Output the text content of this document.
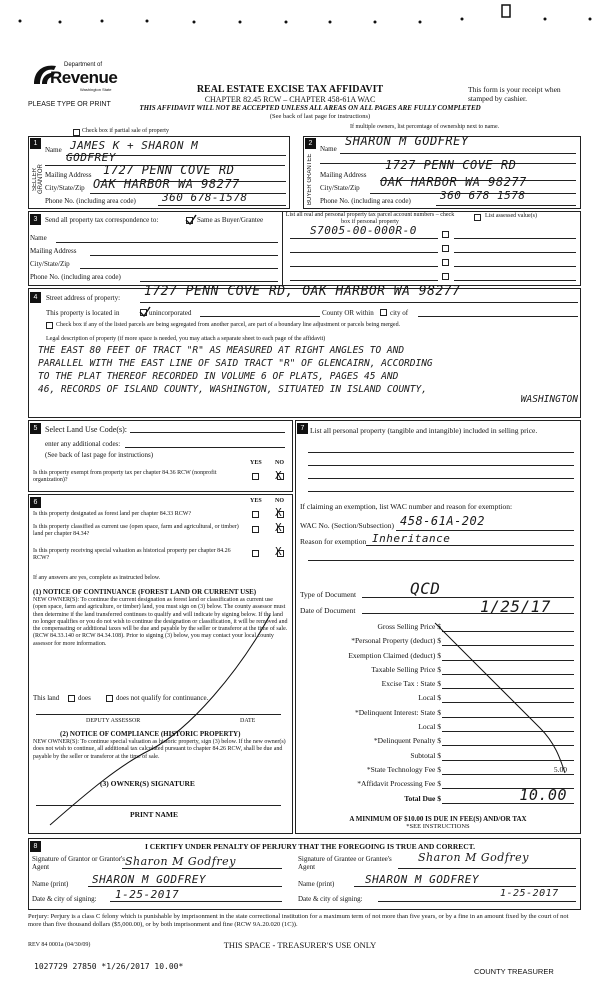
Department of
Revenue
Washington State
PLEASE TYPE OR PRINT
REAL ESTATE EXCISE TAX AFFIDAVIT
CHAPTER 82.45 RCW – CHAPTER 458-61A WAC
THIS AFFIDAVIT WILL NOT BE ACCEPTED UNLESS ALL AREAS ON ALL PAGES ARE FULLY COMPLETED
(See back of last page for instructions)
This form is your receipt when stamped by cashier.
Check box if partial sale of property
If multiple owners, list percentage of ownership next to name.
1
SELLER GRANTOR
Name JAMES K + SHARON M
GODFREY
Mailing Address 1727 PENN COVE RD
City/State/Zip OAK HARBOR WA 98277
Phone No. (including area code) 360 678-1578
2
BUYER GRANTEE
Name
SHARON M GODFREY
Mailing Address
1727 PENN COVE RD
City/State/Zip OAK HARBOR WA 98277
Phone No. (including area code)	360 678 1578
3	Send all property tax correspondence to:	Same as Buyer/Grantee
Name
Mailing Address
City/State/Zip
Phone No. (including area code)
List all real and personal property tax parcel account numbers – check box if personal property
List assessed value(s)
S7005-00-000R-0
4	Street address of property: 1727 PENN COVE RD, OAK HARBOR WA 98277
This property is located in	unincorporated	County OR within city of
Check box if any of the listed parcels are being segregated from another parcel, are part of a boundary line adjustment or parcels being merged.
Legal description of property (if more space is needed, you may attach a separate sheet to each page of the affidavit)
THE EAST 80 FEET OF TRACT "R" AS MEASURED AT RIGHT ANGLES TO AND
PARALLEL WITH THE EAST LINE OF SAID TRACT "R" OF GLENCAIRN, ACCORDING
TO THE PLAT THEREOF RECORDED IN VOLUME 6 OF PLATS, PAGES 45 AND
46, RECORDS OF ISLAND COUNTY, WASHINGTON, SITUATED IN ISLAND COUNTY,
WASHINGTON
5 Select Land Use Code(s):
enter any additional codes:
(See back of last page for instructions)
YES NO
Is this property exempt from property tax per chapter 84.36 RCW (nonprofit organization)?	X
6	YES NO
Is this property designated as forest land per chapter 84.33 RCW?	X
Is this property classified as current use (open space, farm and agricultural, or timber) land per chapter 84.34?	X
Is this property receiving special valuation as historical property per chapter 84.26 RCW?	X
If any answers are yes, complete as instructed below.
(1) NOTICE OF CONTINUANCE (FOREST LAND OR CURRENT USE)
NEW OWNER(S): To continue the current designation as forest land or classification as current use (open space, farm and agriculture, or timber) land, you must sign on (3) below. The county assessor must then determine if the land transferred continues to qualify and will indicate by signing below. If the land no longer qualifies or you do not wish to continue the designation or classification, it will be removed and the compensating or additional taxes will be due and payable by the seller or transferor at the time of sale. (RCW 84.33.140 or RCW 84.34.108). Prior to signing (3) below, you may contact your local county assessor for more information.
This land	does	does not qualify for continuance.
DEPUTY ASSESSOR	DATE
(2) NOTICE OF COMPLIANCE (HISTORIC PROPERTY)
NEW OWNER(S): To continue special valuation as historic property, sign (3) below. If the new owner(s) does not wish to continue, all additional tax calculated pursuant to chapter 84.26 RCW, shall be due and payable by the seller or transferor at the time of sale.
(3) OWNER(S) SIGNATURE
PRINT NAME
7 List all personal property (tangible and intangible) included in selling price.
If claiming an exemption, list WAC number and reason for exemption:
WAC No. (Section/Subsection) 458-61A-202
Reason for exemption Inheritance
Type of Document	QCD
Date of Document	1/25/17
Gross Selling Price $
*Personal Property (deduct) $
Exemption Claimed (deduct) $
Taxable Selling Price $
Excise Tax : State $
Local $
*Delinquent Interest: State $
Local $
*Delinquent Penalty $
Subtotal $
*State Technology Fee $	5.00
*Affidavit Processing Fee $
Total Due $	10.00
A MINIMUM OF $10.00 IS DUE IN FEE(S) AND/OR TAX
*SEE INSTRUCTIONS
8	I CERTIFY UNDER PENALTY OF PERJURY THAT THE FOREGOING IS TRUE AND CORRECT.
Signature of Grantor or Grantor's Agent	Sharon M Godfrey
Name (print) SHARON M GODFREY
Date & city of signing: 1-25-2017
Signature of Grantee or Grantee's Agent
Sharon M Godfrey
Name (print)	SHARON M GODFREY
Date & city of signing:	1-25-2017
Perjury: Perjury is a class C felony which is punishable by imprisonment in the state correctional institution for a maximum term of not more than five years, or by a fine in an amount fixed by the court of not more than five thousand dollars ($5,000.00), or by both imprisonment and fine (RCW 9A.20.020 (1C)).
REV 84 0001a (04/30/09)	THIS SPACE - TREASURER'S USE ONLY
1027729 27850 *1/26/2017 10.00*
COUNTY TREASURER
